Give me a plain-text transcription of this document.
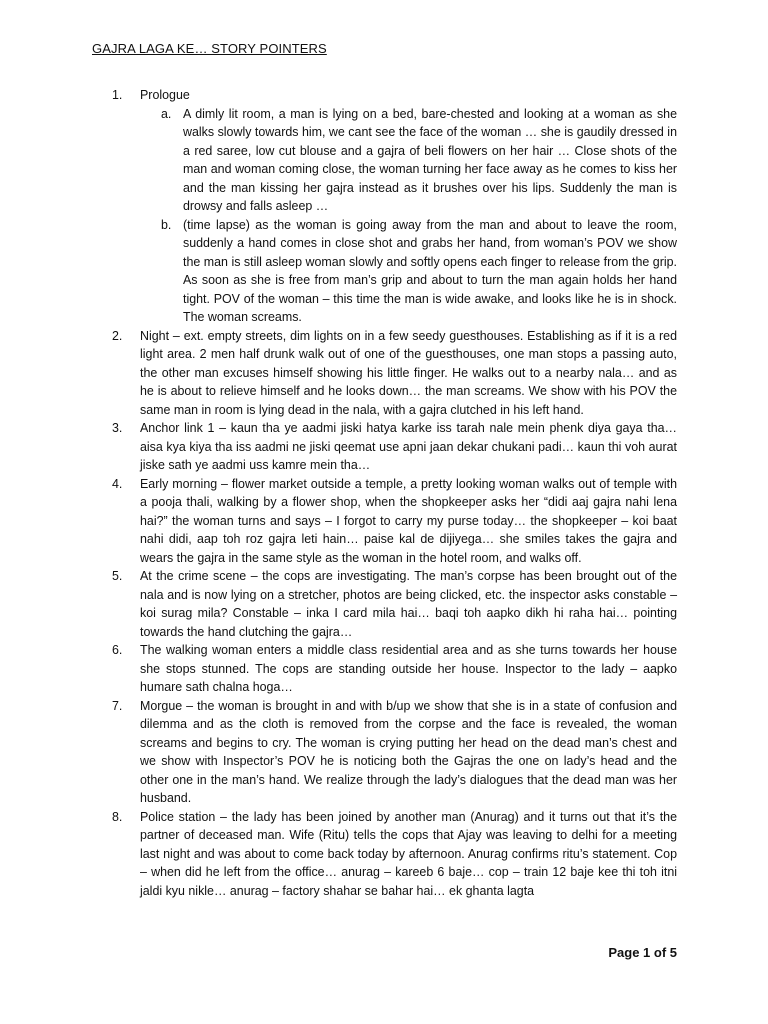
GAJRA LAGA KE… STORY POINTERS
1. Prologue
a. A dimly lit room, a man is lying on a bed, bare-chested and looking at a woman as she walks slowly towards him, we cant see the face of the woman … she is gaudily dressed in a red saree, low cut blouse and a gajra of beli flowers on her hair … Close shots of the man and woman coming close, the woman turning her face away as he comes to kiss her and the man kissing her gajra instead as it brushes over his lips. Suddenly the man is drowsy and falls asleep …
b. (time lapse) as the woman is going away from the man and about to leave the room, suddenly a hand comes in close shot and grabs her hand, from woman’s POV we show the man is still asleep woman slowly and softly opens each finger to release from the grip. As soon as she is free from man’s grip and about to turn the man again holds her hand tight. POV of the woman – this time the man is wide awake, and looks like he is in shock. The woman screams.
2. Night – ext. empty streets, dim lights on in a few seedy guesthouses. Establishing as if it is a red light area. 2 men half drunk walk out of one of the guesthouses, one man stops a passing auto, the other man excuses himself showing his little finger. He walks out to a nearby nala… and as he is about to relieve himself and he looks down… the man screams. We show with his POV the same man in room is lying dead in the nala, with a gajra clutched in his left hand.
3. Anchor link 1 – kaun tha ye aadmi jiski hatya karke iss tarah nale mein phenk diya gaya tha… aisa kya kiya tha iss aadmi ne jiski qeemat use apni jaan dekar chukani padi… kaun thi voh aurat jiske sath ye aadmi uss kamre mein tha…
4. Early morning – flower market outside a temple, a pretty looking woman walks out of temple with a pooja thali, walking by a flower shop, when the shopkeeper asks her “didi aaj gajra nahi lena hai?” the woman turns and says – I forgot to carry my purse today… the shopkeeper – koi baat nahi didi, aap toh roz gajra leti hain… paise kal de dijiyega… she smiles takes the gajra and wears the gajra in the same style as the woman in the hotel room, and walks off.
5. At the crime scene – the cops are investigating. The man’s corpse has been brought out of the nala and is now lying on a stretcher, photos are being clicked, etc. the inspector asks constable – koi surag mila? Constable – inka I card mila hai… baqi toh aapko dikh hi raha hai… pointing towards the hand clutching the gajra…
6. The walking woman enters a middle class residential area and as she turns towards her house she stops stunned. The cops are standing outside her house. Inspector to the lady – aapko humare sath chalna hoga…
7. Morgue – the woman is brought in and with b/up we show that she is in a state of confusion and dilemma and as the cloth is removed from the corpse and the face is revealed, the woman screams and begins to cry. The woman is crying putting her head on the dead man’s chest and we show with Inspector’s POV he is noticing both the Gajras the one on lady’s head and the other one in the man’s hand. We realize through the lady’s dialogues that the dead man was her husband.
8. Police station – the lady has been joined by another man (Anurag) and it turns out that it’s the partner of deceased man. Wife (Ritu) tells the cops that Ajay was leaving to delhi for a meeting last night and was about to come back today by afternoon. Anurag confirms ritu’s statement. Cop – when did he left from the office… anurag – kareeb 6 baje… cop – train 12 baje kee thi toh itni jaldi kyu nikle… anurag – factory shahar se bahar hai… ek ghanta lagta
Page 1 of 5
